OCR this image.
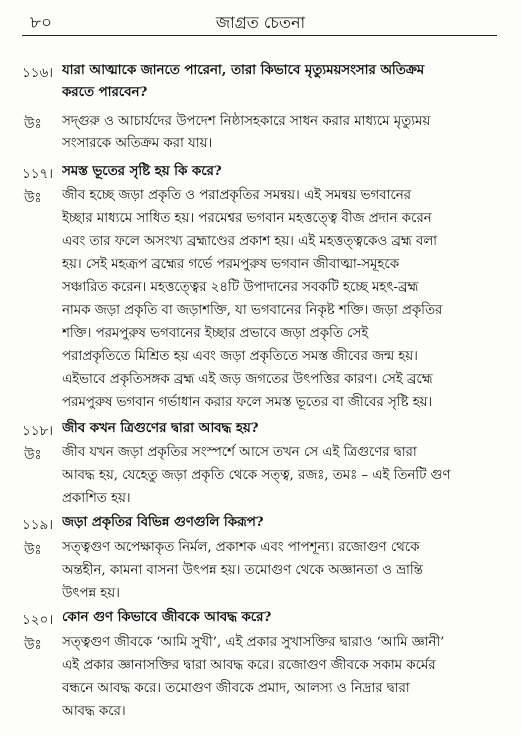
৮০	জাগ্রত চেতনা
১১৬। যারা আত্মাকে জানতে পারেনা, তারা কিভাবে মৃত্যুময়সংসার অতিক্রম
করতে পারবেন?
উঃ সদ্গুরু ও আচার্যদের উপদেশ নিষ্ঠাসহকারে সাধন করার মাধ্যমে মৃত্যুময়
সংসারকে অতিক্রম করা যায়।
১১৭। সমস্ত ভূতের সৃষ্টি হয় কি করে?
উঃ জীব হচ্ছে জড়া প্রকৃতি ও পরাপ্রকৃতির সমন্বয়। এই সমন্বয় ভগবানের
ইচ্ছার মাধ্যমে সাধিত হয়। পরমেশ্বর ভগবান মহত্তত্ত্বে বীজ প্রদান করেন
এবং তার ফলে অসংখ্য ব্রহ্মাণ্ডের প্রকাশ হয়। এই মহত্তত্ত্বকেও ব্রহ্ম বলা
হয়। সেই মহত্রূপ ব্রহ্মের গর্ভে পরমপুরুষ ভগবান জীবাত্মা-সমূহকে
সঞ্চারিত করেন। মহত্তত্ত্বের ২৪টি উপাদানের সবকটি হচ্ছে মহৎ-ব্রহ্ম
নামক জড়া প্রকৃতি বা জড়াশক্তি, যা ভগবানের নিকৃষ্ট শক্তি। জড়া প্রকৃতির
শক্তি। পরমপুরুষ ভগবানের ইচ্ছার প্রভাবে জড়া প্রকৃতি সেই
পরাপ্রকৃতিতে মিশ্রিত হয় এবং জড়া প্রকৃতিতে সমস্ত জীবের জন্ম হয়।
এইভাবে প্রকৃতিসঙ্গক ব্রহ্ম এই জড় জগতের উৎপত্তির কারণ। সেই ব্রহ্মে
পরমপুরুষ ভগবান গর্ভাধান করার ফলে সমস্ত ভূতের বা জীবের সৃষ্টি হয়।
১১৮। জীব কখন ত্রিগুণের দ্বারা আবদ্ধ হয়?
উঃ জীব যখন জড়া প্রকৃতির সংস্পর্শে আসে তখন সে এই ত্রিগুণের দ্বারা
আবদ্ধ হয়, যেহেতু জড়া প্রকৃতি থেকে সত্ত্ব, রজঃ, তমঃ – এই তিনটি গুণ
প্রকাশিত হয়।
১১৯। জড়া প্রকৃতির বিভিন্ন গুণগুলি কিরূপ?
উঃ সত্ত্বগুণ অপেক্ষাকৃত নির্মল, প্রকাশক এবং পাপশূন্য। রজোগুণ থেকে
অন্তহীন, কামনা বাসনা উৎপন্ন হয়। তমোগুণ থেকে অজ্ঞানতা ও ভ্রান্তি
উৎপন্ন হয়।
১২০। কোন গুণ কিভাবে জীবকে আবদ্ধ করে?
উঃ সত্ত্বগুণ জীবকে ‘আমি সুখী’, এই প্রকার সুখাসক্তির দ্বারাও ‘আমি জ্ঞানী’
এই প্রকার জ্ঞানাসক্তির দ্বারা আবদ্ধ করে। রজোগুণ জীবকে সকাম কর্মের
বন্ধনে আবদ্ধ করে। তমোগুণ জীবকে প্রমাদ, আলস্য ও নিদ্রার দ্বারা
আবদ্ধ করে।
